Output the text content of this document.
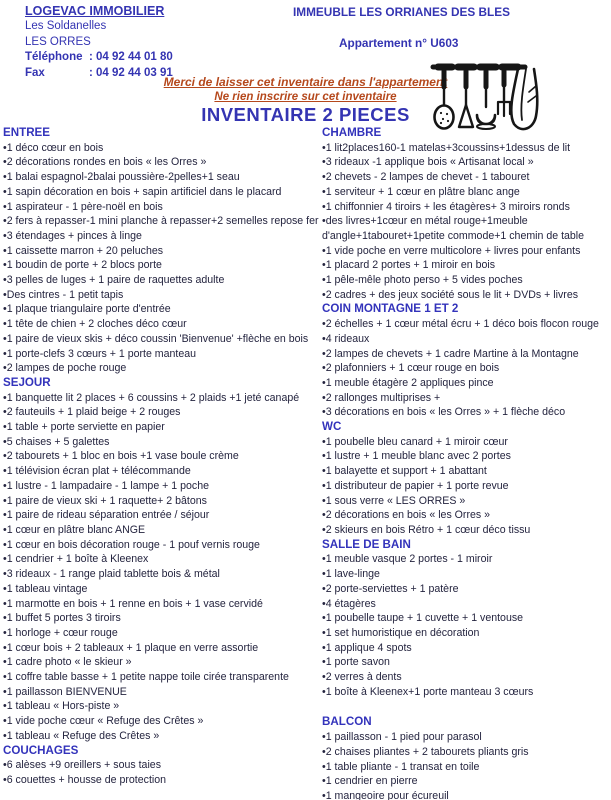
LOGEVAC IMMOBILIER
Les Soldanelles
LES ORRES
Téléphone : 04 92 44 01 80
Fax	: 04 92 44 03 91
IMMEUBLE LES ORRIANES DES BLES
Appartement n° U603
Merci de laisser cet inventaire dans l'appartement
Ne rien inscrire sur cet inventaire
INVENTAIRE 2 PIECES
ENTREE
•1 déco cœur en bois
•2 décorations rondes en bois « les Orres »
•1 balai espagnol-2balai poussière-2pelles+1 seau
•1 sapin décoration en bois + sapin artificiel dans le placard
•1 aspirateur - 1 père-noël en bois
•2 fers à repasser-1 mini planche à repasser+2 semelles repose fer
•3 étendages + pinces à linge
•1 caissette marron + 20 peluches
•1 boudin de porte + 2 blocs porte
•3 pelles de luges + 1 paire de raquettes adulte
•Des cintres - 1 petit tapis
•1 plaque triangulaire porte d'entrée
•1 tête de chien + 2 cloches déco cœur
•1 paire de vieux skis + déco coussin 'Bienvenue' +flèche en bois
•1 porte-clefs 3 cœurs + 1 porte manteau
•2 lampes de poche rouge
SEJOUR
•1 banquette lit 2 places + 6 coussins + 2 plaids +1 jeté canapé
•2 fauteuils + 1 plaid beige + 2 rouges
•1 table + porte serviette en papier
•5 chaises + 5 galettes
•2 tabourets + 1 bloc en bois +1 vase boule crème
•1 télévision écran plat + télécommande
•1 lustre - 1 lampadaire - 1 lampe + 1 poche
•1 paire de vieux ski + 1 raquette+ 2 bâtons
•1 paire de rideau séparation entrée / séjour
•1 cœur en plâtre blanc ANGE
•1 cœur en bois décoration rouge - 1 pouf vernis rouge
•1 cendrier + 1 boîte à Kleenex
•3 rideaux - 1 range plaid tablette bois & métal
•1 tableau vintage
•1 marmotte en bois + 1 renne en bois + 1 vase cervidé
•1 buffet 5 portes 3 tiroirs
•1 horloge + cœur rouge
•1 cœur bois + 2 tableaux + 1 plaque en verre assortie
•1 cadre photo « le skieur »
•1 coffre table basse + 1 petite nappe toile cirée transparente
•1 paillasson BIENVENUE
•1 tableau « Hors-piste »
•1 vide poche cœur « Refuge des Crêtes »
•1 tableau « Refuge des Crêtes »
COUCHAGES
•6 alèses +9 oreillers + sous taies
•6 couettes + housse de protection
CHAMBRE
•1 lit2places160-1 matelas+3coussins+1dessus de lit
•3 rideaux -1 applique bois « Artisanat local »
•2 chevets - 2 lampes de chevet - 1 tabouret
•1 serviteur + 1 cœur en plâtre blanc ange
•1 chiffonnier 4 tiroirs + les étagères+ 3 miroirs ronds
•des livres+1cœur en métal rouge+1meuble d'angle+1tabouret+1petite commode+1 chemin de table
•1 vide poche en verre multicolore + livres pour enfants
•1 placard 2 portes + 1 miroir en bois
•1 pêle-mêle photo perso + 5 vides poches
•2 cadres + des jeux société sous le lit + DVDs + livres
COIN MONTAGNE 1 ET 2
•2 échelles + 1 cœur métal écru + 1 déco bois flocon rouge
•4 rideaux
•2 lampes de chevets + 1 cadre Martine à la Montagne
•2 plafonniers + 1 cœur rouge en bois
•1 meuble étagère 2 appliques pince
•2 rallonges multiprises +
•3 décorations en bois « les Orres » + 1 flèche déco
WC
•1 poubelle bleu canard + 1 miroir cœur
•1 lustre + 1 meuble blanc avec 2 portes
•1 balayette et support + 1 abattant
•1 distributeur de papier + 1 porte revue
•1 sous verre « LES ORRES »
•2 décorations en bois « les Orres »
•2 skieurs en bois Rétro + 1 cœur déco tissu
SALLE DE BAIN
•1 meuble vasque 2 portes - 1 miroir
•1 lave-linge
•2 porte-serviettes + 1 patère
•4 étagères
•1 poubelle taupe + 1 cuvette + 1 ventouse
•1 set humoristique en décoration
•1 applique 4 spots
•1 porte savon
•2 verres à dents
•1 boîte à Kleenex+1 porte manteau 3 cœurs
BALCON
•1 paillasson - 1 pied pour parasol
•2 chaises pliantes + 2 tabourets pliants gris
•1 table pliante - 1 transat en toile
•1 cendrier en pierre
•1 mangeoire pour écureuil
